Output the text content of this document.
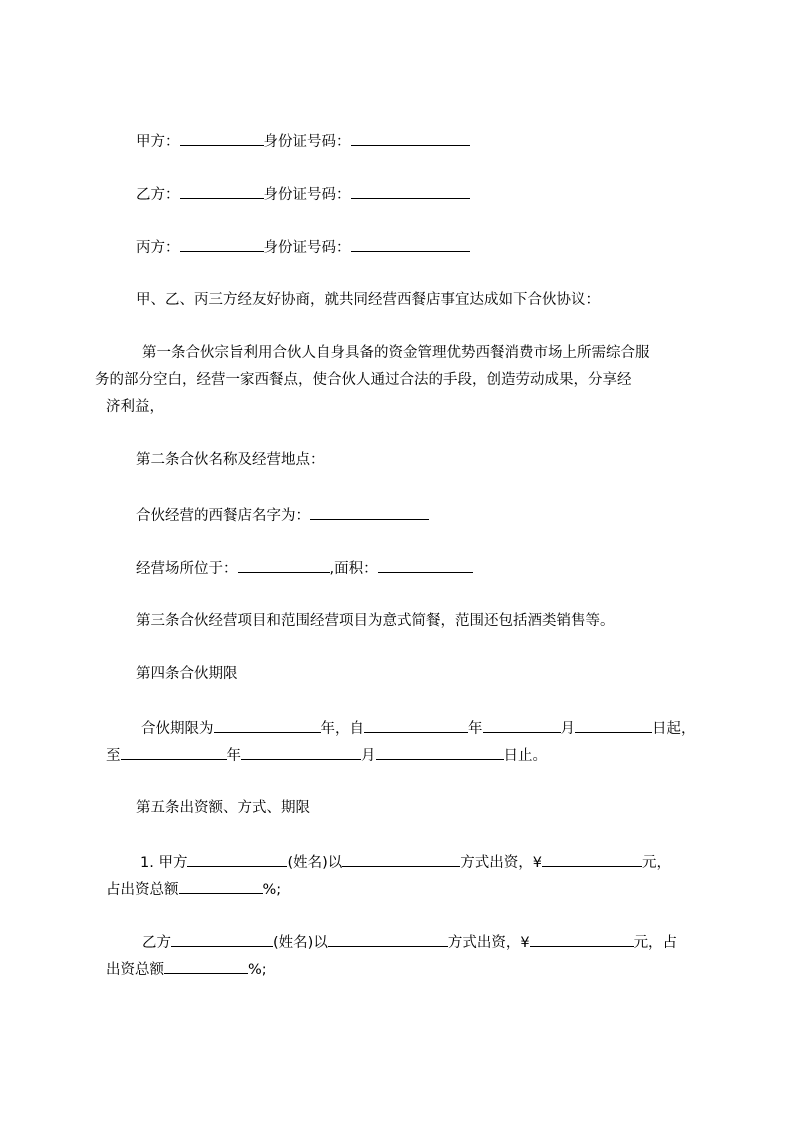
甲方：	身份证号码：
乙方：	身份证号码：
丙方：	身份证号码：
甲、乙、丙三方经友好协商，就共同经营西餐店事宜达成如下合伙协议：
第一条合伙宗旨利用合伙人自身具备的资金管理优势西餐消费市场上所需综合服
务的部分空白，经营一家西餐点，使合伙人通过合法的手段，创造劳动成果，分享经
济利益，
第二条合伙名称及经营地点：
合伙经营的西餐店名字为：
经营场所位于：	,面积：
第三条合伙经营项目和范围经营项目为意式简餐，范围还包括酒类销售等。
第四条合伙期限
合伙期限为	年，自	年	月	日起，
至	年	月	日止。
第五条出资额、方式、期限
1. 甲方	(姓名)以	方式出资，¥	元，
占出资总额	%;
乙方	(姓名)以	方式出资，¥	元，占
出资总额	%;
